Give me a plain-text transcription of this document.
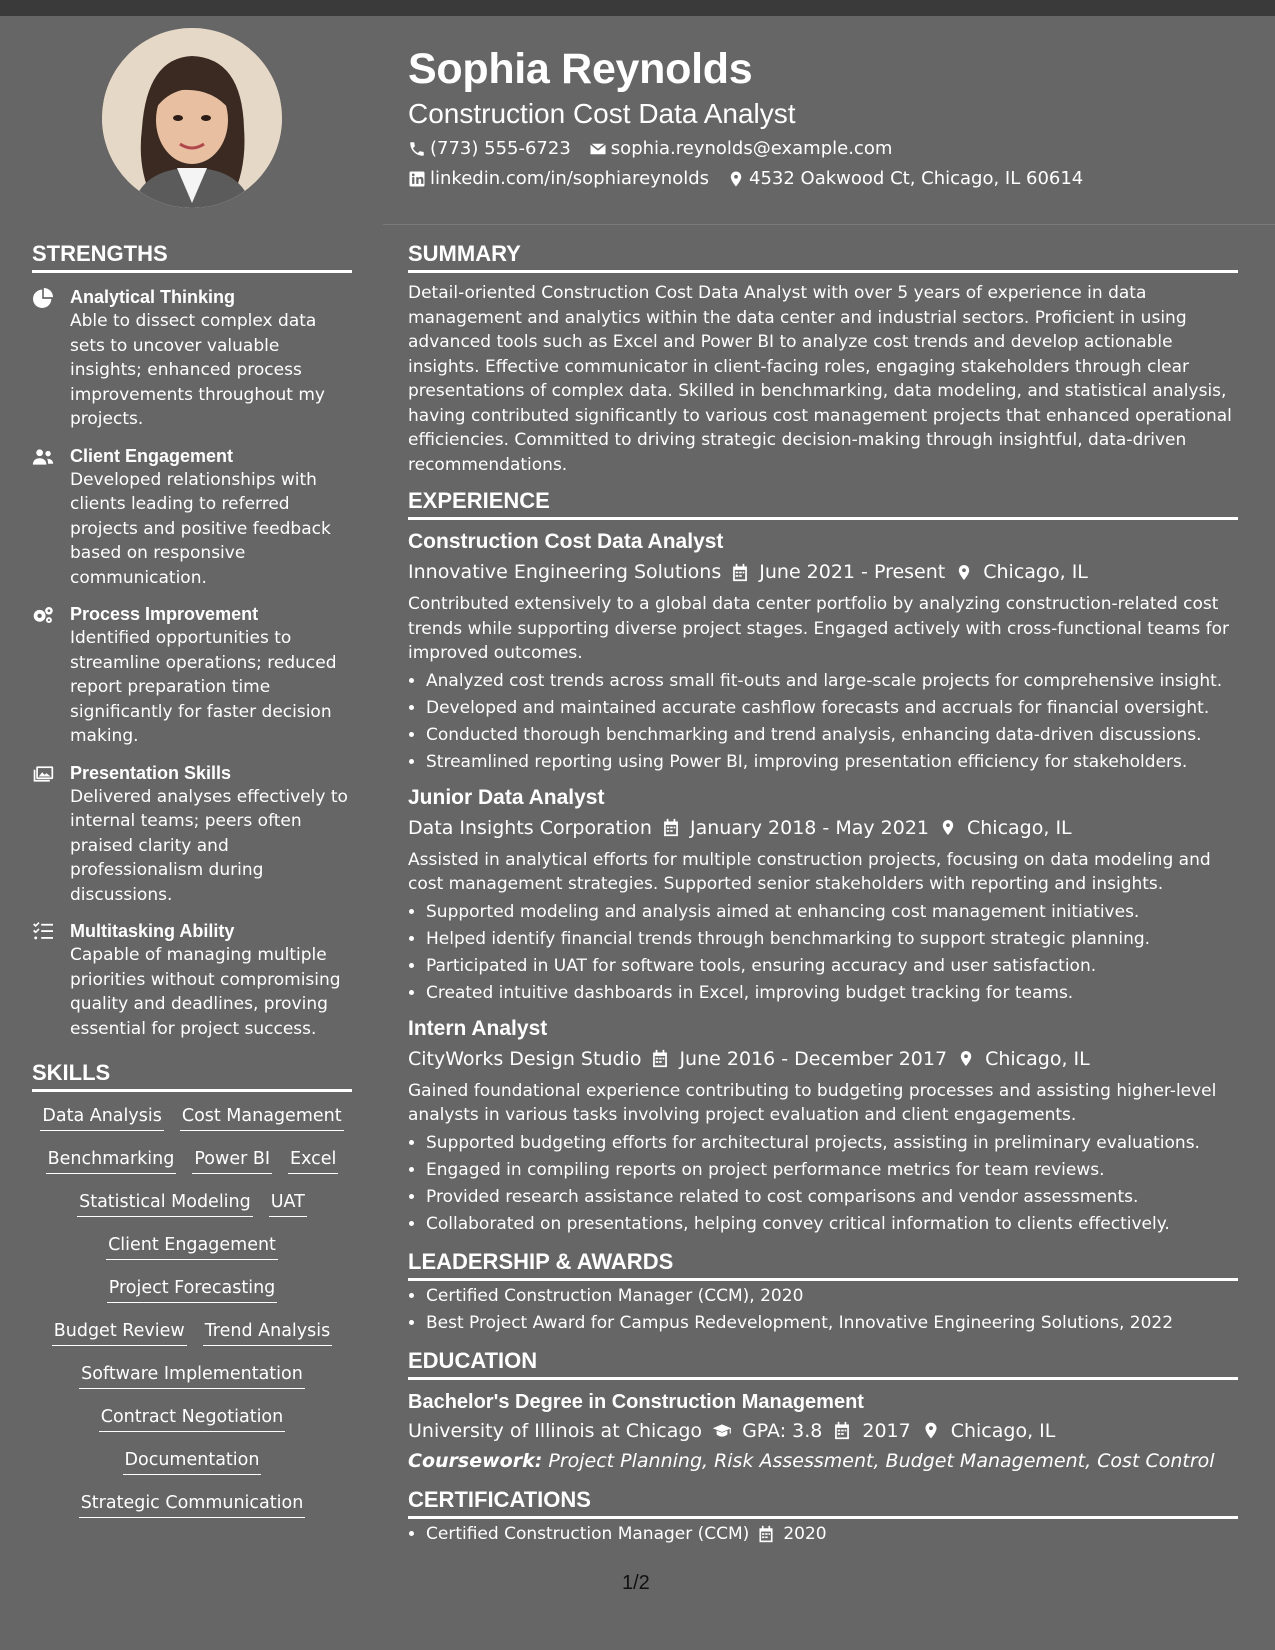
Sophia Reynolds
Construction Cost Data Analyst
(773) 555-6723 sophia.reynolds@example.com
linkedin.com/in/sophiareynolds 4532 Oakwood Ct, Chicago, IL 60614
STRENGTHS
Analytical Thinking
Able to dissect complex data sets to uncover valuable insights; enhanced process improvements throughout my projects.
Client Engagement
Developed relationships with clients leading to referred projects and positive feedback based on responsive communication.
Process Improvement
Identified opportunities to streamline operations; reduced report preparation time significantly for faster decision making.
Presentation Skills
Delivered analyses effectively to internal teams; peers often praised clarity and professionalism during discussions.
Multitasking Ability
Capable of managing multiple priorities without compromising quality and deadlines, proving essential for project success.
SKILLS
Data Analysis Cost Management
Benchmarking Power BI Excel
Statistical Modeling UAT
Client Engagement
Project Forecasting
Budget Review Trend Analysis
Software Implementation
Contract Negotiation
Documentation
Strategic Communication
SUMMARY
Detail-oriented Construction Cost Data Analyst with over 5 years of experience in data management and analytics within the data center and industrial sectors. Proficient in using advanced tools such as Excel and Power BI to analyze cost trends and develop actionable insights. Effective communicator in client-facing roles, engaging stakeholders through clear presentations of complex data. Skilled in benchmarking, data modeling, and statistical analysis, having contributed significantly to various cost management projects that enhanced operational efficiencies. Committed to driving strategic decision-making through insightful, data-driven recommendations.
EXPERIENCE
Construction Cost Data Analyst
Innovative Engineering Solutions June 2021 - Present Chicago, IL
Contributed extensively to a global data center portfolio by analyzing construction-related cost trends while supporting diverse project stages. Engaged actively with cross-functional teams for improved outcomes.
• Analyzed cost trends across small fit-outs and large-scale projects for comprehensive insight.
• Developed and maintained accurate cashflow forecasts and accruals for financial oversight.
• Conducted thorough benchmarking and trend analysis, enhancing data-driven discussions.
• Streamlined reporting using Power BI, improving presentation efficiency for stakeholders.
Junior Data Analyst
Data Insights Corporation January 2018 - May 2021 Chicago, IL
Assisted in analytical efforts for multiple construction projects, focusing on data modeling and cost management strategies. Supported senior stakeholders with reporting and insights.
• Supported modeling and analysis aimed at enhancing cost management initiatives.
• Helped identify financial trends through benchmarking to support strategic planning.
• Participated in UAT for software tools, ensuring accuracy and user satisfaction.
• Created intuitive dashboards in Excel, improving budget tracking for teams.
Intern Analyst
CityWorks Design Studio June 2016 - December 2017 Chicago, IL
Gained foundational experience contributing to budgeting processes and assisting higher-level analysts in various tasks involving project evaluation and client engagements.
• Supported budgeting efforts for architectural projects, assisting in preliminary evaluations.
• Engaged in compiling reports on project performance metrics for team reviews.
• Provided research assistance related to cost comparisons and vendor assessments.
• Collaborated on presentations, helping convey critical information to clients effectively.
LEADERSHIP & AWARDS
• Certified Construction Manager (CCM), 2020
• Best Project Award for Campus Redevelopment, Innovative Engineering Solutions, 2022
EDUCATION
Bachelor's Degree in Construction Management
University of Illinois at Chicago GPA: 3.8 2017 Chicago, IL
Coursework: Project Planning, Risk Assessment, Budget Management, Cost Control
CERTIFICATIONS
• Certified Construction Manager (CCM) 2020
1/2
